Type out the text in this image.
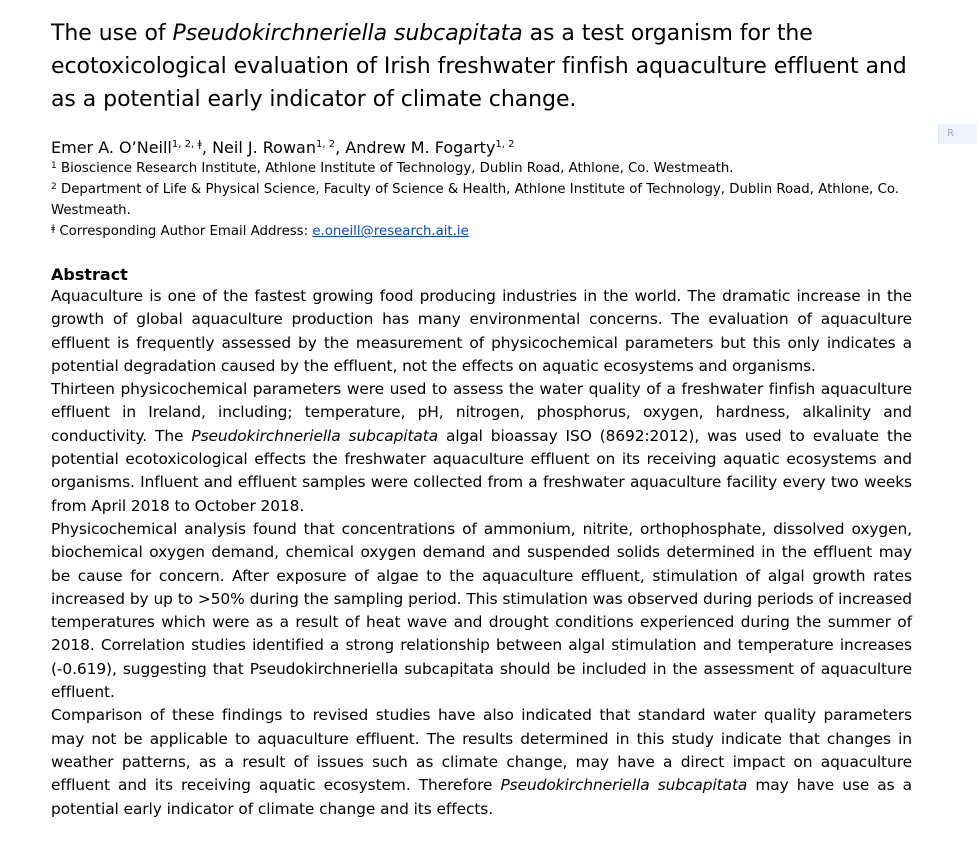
R
The use of Pseudokirchneriella subcapitata as a test organism for the ecotoxicological evaluation of Irish freshwater finfish aquaculture effluent and as a potential early indicator of climate change.
Emer A. O’Neill$^{1, 2, ǂ}$, Neil J. Rowan$^{1, 2}$, Andrew M. Fogarty$^{1, 2}$
$^1$ Bioscience Research Institute, Athlone Institute of Technology, Dublin Road, Athlone, Co. Westmeath.
$^2$ Department of Life & Physical Science, Faculty of Science & Health, Athlone Institute of Technology, Dublin Road, Athlone, Co. Westmeath.
$^ǂ$ Corresponding Author Email Address: e.oneill@research.ait.ie
Abstract
Aquaculture is one of the fastest growing food producing industries in the world. The dramatic increase in the growth of global aquaculture production has many environmental concerns. The evaluation of aquaculture effluent is frequently assessed by the measurement of physicochemical parameters but this only indicates a potential degradation caused by the effluent, not the effects on aquatic ecosystems and organisms.
Thirteen physicochemical parameters were used to assess the water quality of a freshwater finfish aquaculture effluent in Ireland, including; temperature, pH, nitrogen, phosphorus, oxygen, hardness, alkalinity and conductivity. The Pseudokirchneriella subcapitata algal bioassay ISO (8692:2012), was used to evaluate the potential ecotoxicological effects the freshwater aquaculture effluent on its receiving aquatic ecosystems and organisms. Influent and effluent samples were collected from a freshwater aquaculture facility every two weeks from April 2018 to October 2018.
Physicochemical analysis found that concentrations of ammonium, nitrite, orthophosphate, dissolved oxygen, biochemical oxygen demand, chemical oxygen demand and suspended solids determined in the effluent may be cause for concern. After exposure of algae to the aquaculture effluent, stimulation of algal growth rates increased by up to >50% during the sampling period. This stimulation was observed during periods of increased temperatures which were as a result of heat wave and drought conditions experienced during the summer of 2018. Correlation studies identified a strong relationship between algal stimulation and temperature increases (-0.619), suggesting that Pseudokirchneriella subcapitata should be included in the assessment of aquaculture effluent.
Comparison of these findings to revised studies have also indicated that standard water quality parameters may not be applicable to aquaculture effluent. The results determined in this study indicate that changes in weather patterns, as a result of issues such as climate change, may have a direct impact on aquaculture effluent and its receiving aquatic ecosystem. Therefore Pseudokirchneriella subcapitata may have use as a potential early indicator of climate change and its effects.
